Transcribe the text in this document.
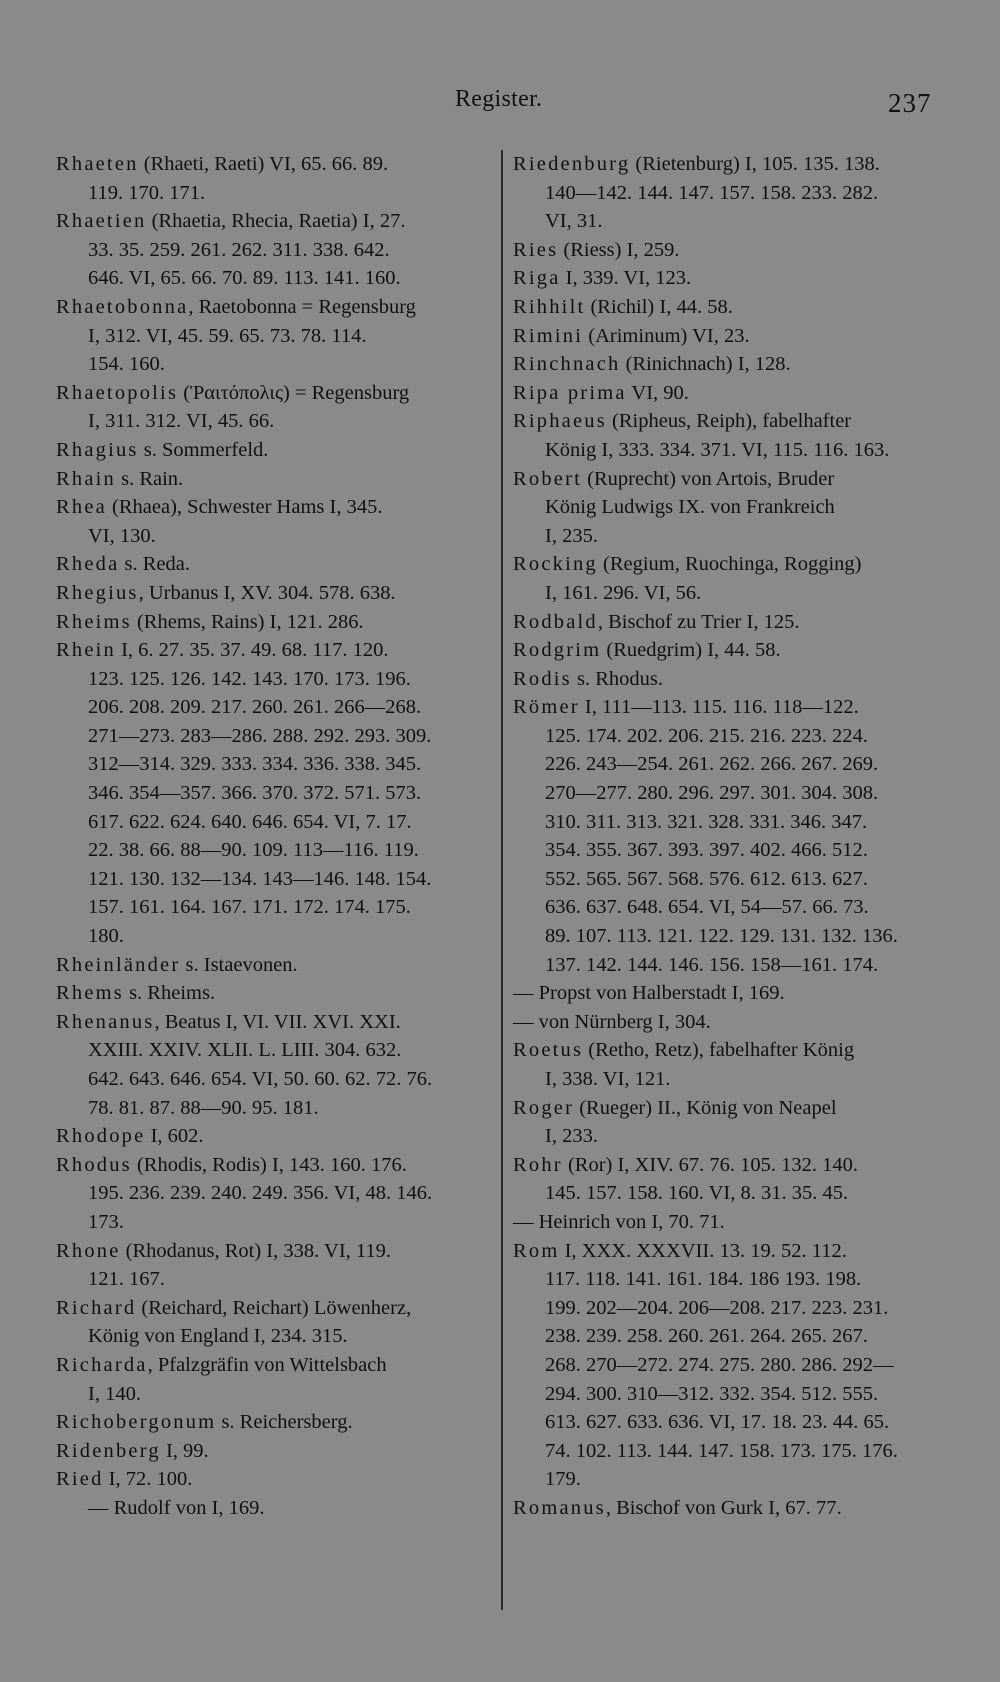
Register.	237
Rhaeten (Rhaeti, Raeti) VI, 65. 66. 89.
119. 170. 171.
Rhaetien (Rhaetia, Rhecia, Raetia) I, 27.
33. 35. 259. 261. 262. 311. 338. 642.
646. VI, 65. 66. 70. 89. 113. 141. 160.
Rhaetobonna, Raetobonna = Regensburg
I, 312. VI, 45. 59. 65. 73. 78. 114.
154. 160.
Rhaetopolis (Ῥαιτόπολις) = Regensburg
I, 311. 312. VI, 45. 66.
Rhagius s. Sommerfeld.
Rhain s. Rain.
Rhea (Rhaea), Schwester Hams I, 345.
VI, 130.
Rheda s. Reda.
Rhegius, Urbanus I, XV. 304. 578. 638.
Rheims (Rhems, Rains) I, 121. 286.
Rhein I, 6. 27. 35. 37. 49. 68. 117. 120.
123. 125. 126. 142. 143. 170. 173. 196.
206. 208. 209. 217. 260. 261. 266—268.
271—273. 283—286. 288. 292. 293. 309.
312—314. 329. 333. 334. 336. 338. 345.
346. 354—357. 366. 370. 372. 571. 573.
617. 622. 624. 640. 646. 654. VI, 7. 17.
22. 38. 66. 88—90. 109. 113—116. 119.
121. 130. 132—134. 143—146. 148. 154.
157. 161. 164. 167. 171. 172. 174. 175.
180.
Rheinländer s. Istaevonen.
Rhems s. Rheims.
Rhenanus, Beatus I, VI. VII. XVI. XXI.
XXIII. XXIV. XLII. L. LIII. 304. 632.
642. 643. 646. 654. VI, 50. 60. 62. 72. 76.
78. 81. 87. 88—90. 95. 181.
Rhodope I, 602.
Rhodus (Rhodis, Rodis) I, 143. 160. 176.
195. 236. 239. 240. 249. 356. VI, 48. 146.
173.
Rhone (Rhodanus, Rot) I, 338. VI, 119.
121. 167.
Richard (Reichard, Reichart) Löwenherz,
König von England I, 234. 315.
Richarda, Pfalzgräfin von Wittelsbach
I, 140.
Richobergonum s. Reichersberg.
Ridenberg I, 99.
Ried I, 72. 100.
— Rudolf von I, 169.
Riedenburg (Rietenburg) I, 105. 135. 138.
140—142. 144. 147. 157. 158. 233. 282.
VI, 31.
Ries (Riess) I, 259.
Riga I, 339. VI, 123.
Rihhilt (Richil) I, 44. 58.
Rimini (Ariminum) VI, 23.
Rinchnach (Rinichnach) I, 128.
Ripa prima VI, 90.
Riphaeus (Ripheus, Reiph), fabelhafter
König I, 333. 334. 371. VI, 115. 116. 163.
Robert (Ruprecht) von Artois, Bruder
König Ludwigs IX. von Frankreich
I, 235.
Rocking (Regium, Ruochinga, Rogging)
I, 161. 296. VI, 56.
Rodbald, Bischof zu Trier I, 125.
Rodgrim (Ruedgrim) I, 44. 58.
Rodis s. Rhodus.
Römer I, 111—113. 115. 116. 118—122.
125. 174. 202. 206. 215. 216. 223. 224.
226. 243—254. 261. 262. 266. 267. 269.
270—277. 280. 296. 297. 301. 304. 308.
310. 311. 313. 321. 328. 331. 346. 347.
354. 355. 367. 393. 397. 402. 466. 512.
552. 565. 567. 568. 576. 612. 613. 627.
636. 637. 648. 654. VI, 54—57. 66. 73.
89. 107. 113. 121. 122. 129. 131. 132. 136.
137. 142. 144. 146. 156. 158—161. 174.
— Propst von Halberstadt I, 169.
— von Nürnberg I, 304.
Roetus (Retho, Retz), fabelhafter König
I, 338. VI, 121.
Roger (Rueger) II., König von Neapel
I, 233.
Rohr (Ror) I, XIV. 67. 76. 105. 132. 140.
145. 157. 158. 160. VI, 8. 31. 35. 45.
— Heinrich von I, 70. 71.
Rom I, XXX. XXXVII. 13. 19. 52. 112.
117. 118. 141. 161. 184. 186 193. 198.
199. 202—204. 206—208. 217. 223. 231.
238. 239. 258. 260. 261. 264. 265. 267.
268. 270—272. 274. 275. 280. 286. 292—
294. 300. 310—312. 332. 354. 512. 555.
613. 627. 633. 636. VI, 17. 18. 23. 44. 65.
74. 102. 113. 144. 147. 158. 173. 175. 176.
179.
Romanus, Bischof von Gurk I, 67. 77.
